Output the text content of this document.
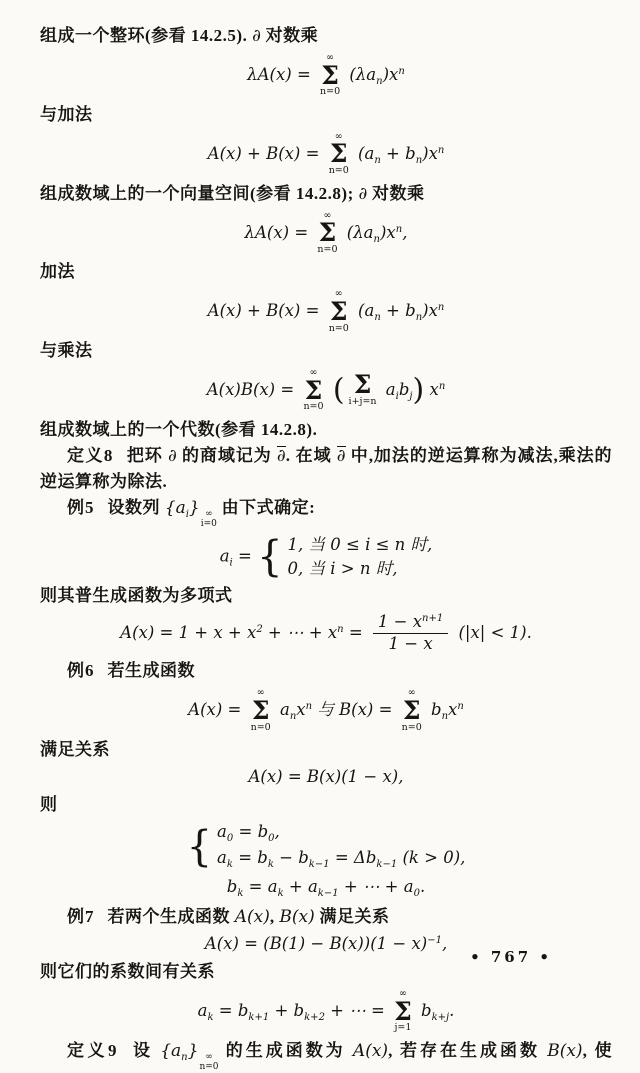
组成一个整环(参看 14.2.5). ∂ 对数乘
λA(x) =
∞
Σ
n=0
$(\lambda a_n)x^n$
与加法
A(x) + B(x) =
∞
Σ
n=0
$(a_n + b_n)x^n$
组成数域上的一个向量空间(参看 14.2.8); ∂ 对数乘
λA(x) =
∞
Σ
n=0
$(\lambda a_n)x^n$,
加法
A(x) + B(x) =
∞
Σ
n=0
$(a_n + b_n)x^n$
与乘法
A(x)B(x) =
∞
Σ
n=0 ( Σ
i+j=n
$a_ib_j$) $x^n$
组成数域上的一个代数(参看 14.2.8).
定义8 把环 ∂ 的商域记为 ∂. 在域 ∂ 中,加法的逆运算称为减法,乘法的
逆运算称为除法.
例5 设数列 $\{a_i\}$ ∞
i=0
由下式确定:
$a_i$ = { 1, 当 0 ≤ i ≤ n 时,
0, 当 i > n 时,
则其普生成函数为多项式
$A(x) = 1 + x + x^2$ + ⋯ + $x^n = \frac{1 - x^{n+1}}{1 - x} (|x| < 1)$.
例6 若生成函数
A(x) =
∞
Σ
n=0
$a_nx^n$ 与 B(x) =
∞
Σ
n=0
$b_nx^n$
满足关系
A(x) = B(x)(1 − x),
则
{ $a_0 = b_0$,
$a_k = b_k - b_{k-1} = \Delta b_{k-1}$ (k > 0),
$b_k = a_k + a_{k-1}$ + ⋯ + $a_0$.
例7 若两个生成函数 A(x), B(x) 满足关系
$A(x) = (B(1) - B(x))(1 - x)^{-1}$,
则它们的系数间有关系
$a_k = b_{k+1} + b_{k+2}$ + ⋯ =
∞
Σ
j=1
$b_{k+j}$.
定义9 设 $\{a_n\}$ ∞
n=0
的生成函数为 A(x), 若存在生成函数 B(x), 使
• 767 •
